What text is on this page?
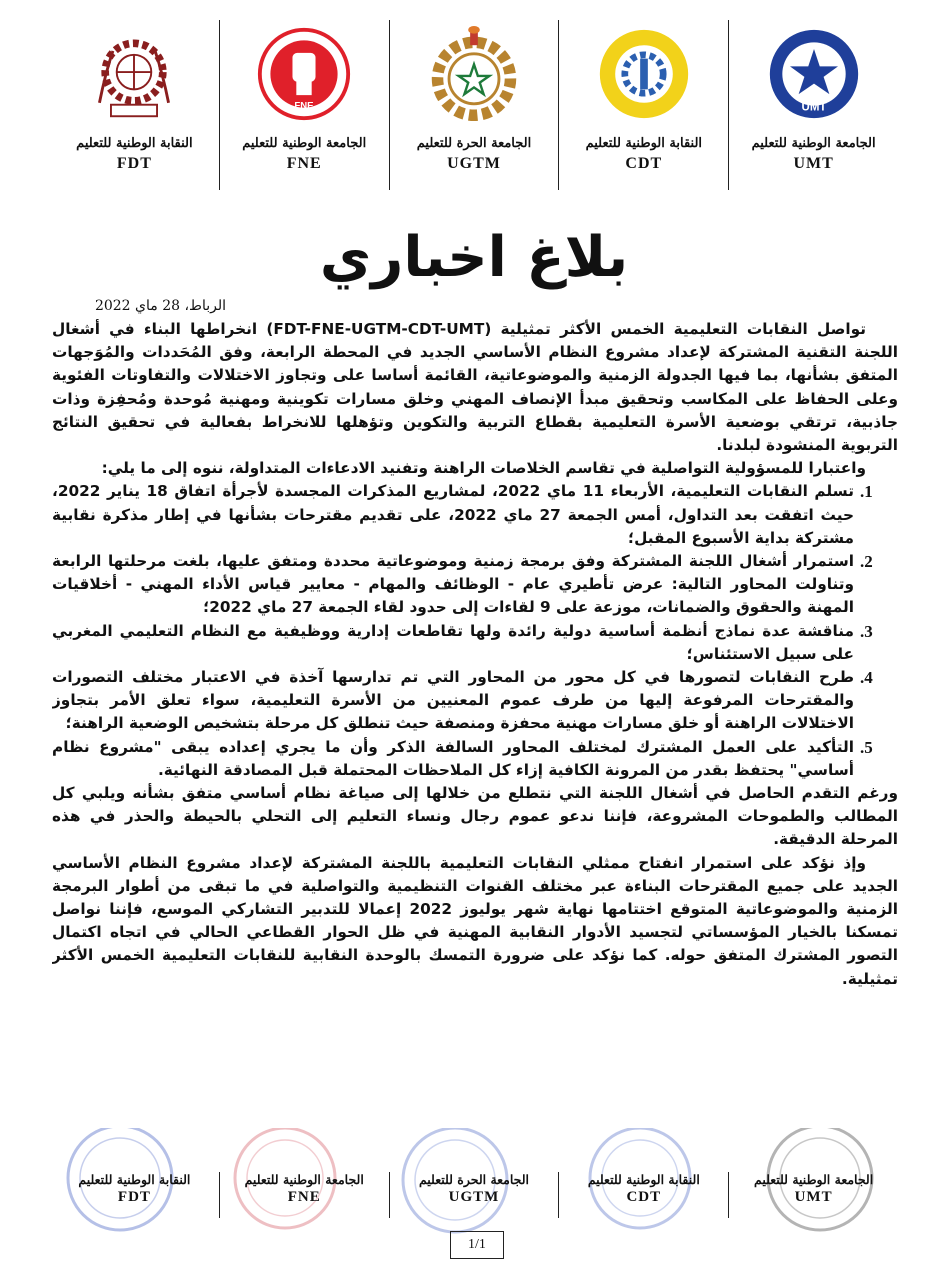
UMT
الجامعة الوطنية للتعليم
UMT
النقابة الوطنية للتعليم
CDT
الجامعة الحرة للتعليم
UGTM
FNE
الجامعة الوطنية للتعليم
FNE
النقابة الوطنية للتعليم
FDT
بلاغ اخباري
الرباط، 28 ماي 2022

تواصل النقابات التعليمية الخمس الأكثر تمثيلية (FDT-FNE-UGTM-CDT-UMT) انخراطها البناء في أشغال اللجنة التقنية المشتركة لإعداد مشروع النظام الأساسي الجديد في المحطة الرابعة، وفق المُحَددات والمُوَجهات المتفق بشأنها، بما فيها الجدولة الزمنية والموضوعاتية، القائمة أساسا على وتجاوز الاختلالات والتفاوتات الفئوية وعلى الحفاظ على المكاسب وتحقيق مبدأ الإنصاف المهني وخلق مسارات تكوينية ومهنية مُوحدة ومُحفِزة وذات جاذبية، ترتقي بوضعية الأسرة التعليمية بقطاع التربية والتكوين وتؤهلها للانخراط بفعالية في تحقيق النتائج التربوية المنشودة لبلدنا.

واعتبارا للمسؤولية التواصلية في تقاسم الخلاصات الراهنة وتفنيد الادعاءات المتداولة، ننوه إلى ما يلي:

1.
تسلم النقابات التعليمية، الأربعاء 11 ماي 2022، لمشاريع المذكرات المجسدة لأجرأة اتفاق 18 يناير 2022، حيث اتفقت بعد التداول، أمس الجمعة 27 ماي 2022، على تقديم مقترحات بشأنها في إطار مذكرة نقابية مشتركة بداية الأسبوع المقبل؛
2.
استمرار أشغال اللجنة المشتركة وفق برمجة زمنية وموضوعاتية محددة ومتفق عليها، بلغت مرحلتها الرابعة وتناولت المحاور التالية: عرض تأطيري عام - الوظائف والمهام - معايير قياس الأداء المهني - أخلاقيات المهنة والحقوق والضمانات، موزعة على 9 لقاءات إلى حدود لقاء الجمعة 27 ماي 2022؛
3.
مناقشة عدة نماذج أنظمة أساسية دولية رائدة ولها تقاطعات إدارية ووظيفية مع النظام التعليمي المغربي على سبيل الاستئناس؛
4.
طرح النقابات لتصورها في كل محور من المحاور التي تم تدارسها آخذة في الاعتبار مختلف التصورات والمقترحات المرفوعة إليها من طرف عموم المعنيين من الأسرة التعليمية، سواء تعلق الأمر بتجاوز الاختلالات الراهنة أو خلق مسارات مهنية محفزة ومنصفة حيث تنطلق كل مرحلة بتشخيص الوضعية الراهنة؛
5.
التأكيد على العمل المشترك لمختلف المحاور السالفة الذكر وأن ما يجري إعداده يبقى "مشروع نظام أساسي" يحتفظ بقدر من المرونة الكافية إزاء كل الملاحظات المحتملة قبل المصادقة النهائية.

ورغم التقدم الحاصل في أشغال اللجنة التي نتطلع من خلالها إلى صياغة نظام أساسي متفق بشأنه ويلبي كل المطالب والطموحات المشروعة، فإننا ندعو عموم رجال ونساء التعليم إلى التحلي بالحيطة والحذر في هذه المرحلة الدقيقة.

وإذ نؤكد على استمرار انفتاح ممثلي النقابات التعليمية باللجنة المشتركة لإعداد مشروع النظام الأساسي الجديد على جميع المقترحات البناءة عبر مختلف القنوات التنظيمية والتواصلية في ما تبقى من أطوار البرمجة الزمنية والموضوعاتية المتوقع اختتامها نهاية شهر يوليوز 2022 إعمالا للتدبير التشاركي الموسع، فإننا نواصل تمسكنا بالخيار المؤسساتي لتجسيد الأدوار النقابية المهنية في ظل الحوار القطاعي الحالي في اتجاه اكتمال التصور المشترك المتفق حوله. كما نؤكد على ضرورة التمسك بالوحدة النقابية للنقابات التعليمية الخمس الأكثر تمثيلية.

الجامعة الوطنية للتعليم
UMT
النقابة الوطنية للتعليم
CDT
الجامعة الحرة للتعليم
UGTM
الجامعة الوطنية للتعليم
FNE
النقابة الوطنية للتعليم
FDT
1/1
